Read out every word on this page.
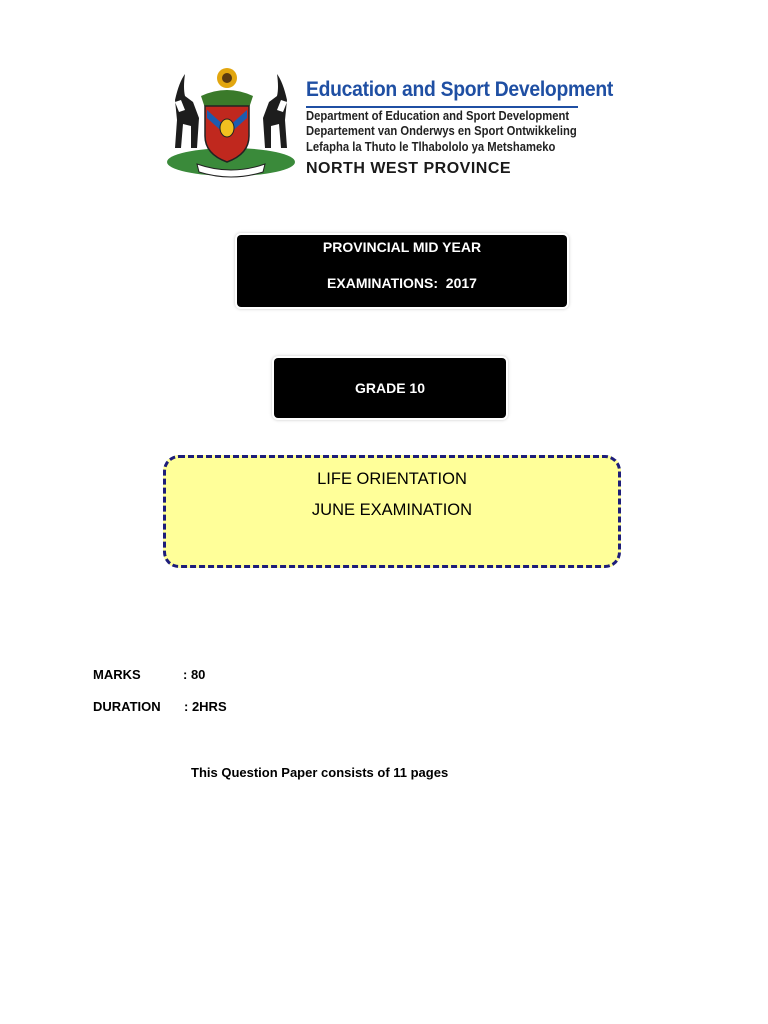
Education and Sport Development
Department of Education and Sport Development
Departement van Onderwys en Sport Ontwikkeling
Lefapha la Thuto le Tlhabololo ya Metshameko
NORTH WEST PROVINCE
PROVINCIAL MID YEAR
EXAMINATIONS:  2017
GRADE 10
LIFE ORIENTATION
JUNE EXAMINATION
MARKS	: 80
DURATION : 2HRS
This Question Paper consists of 11 pages
